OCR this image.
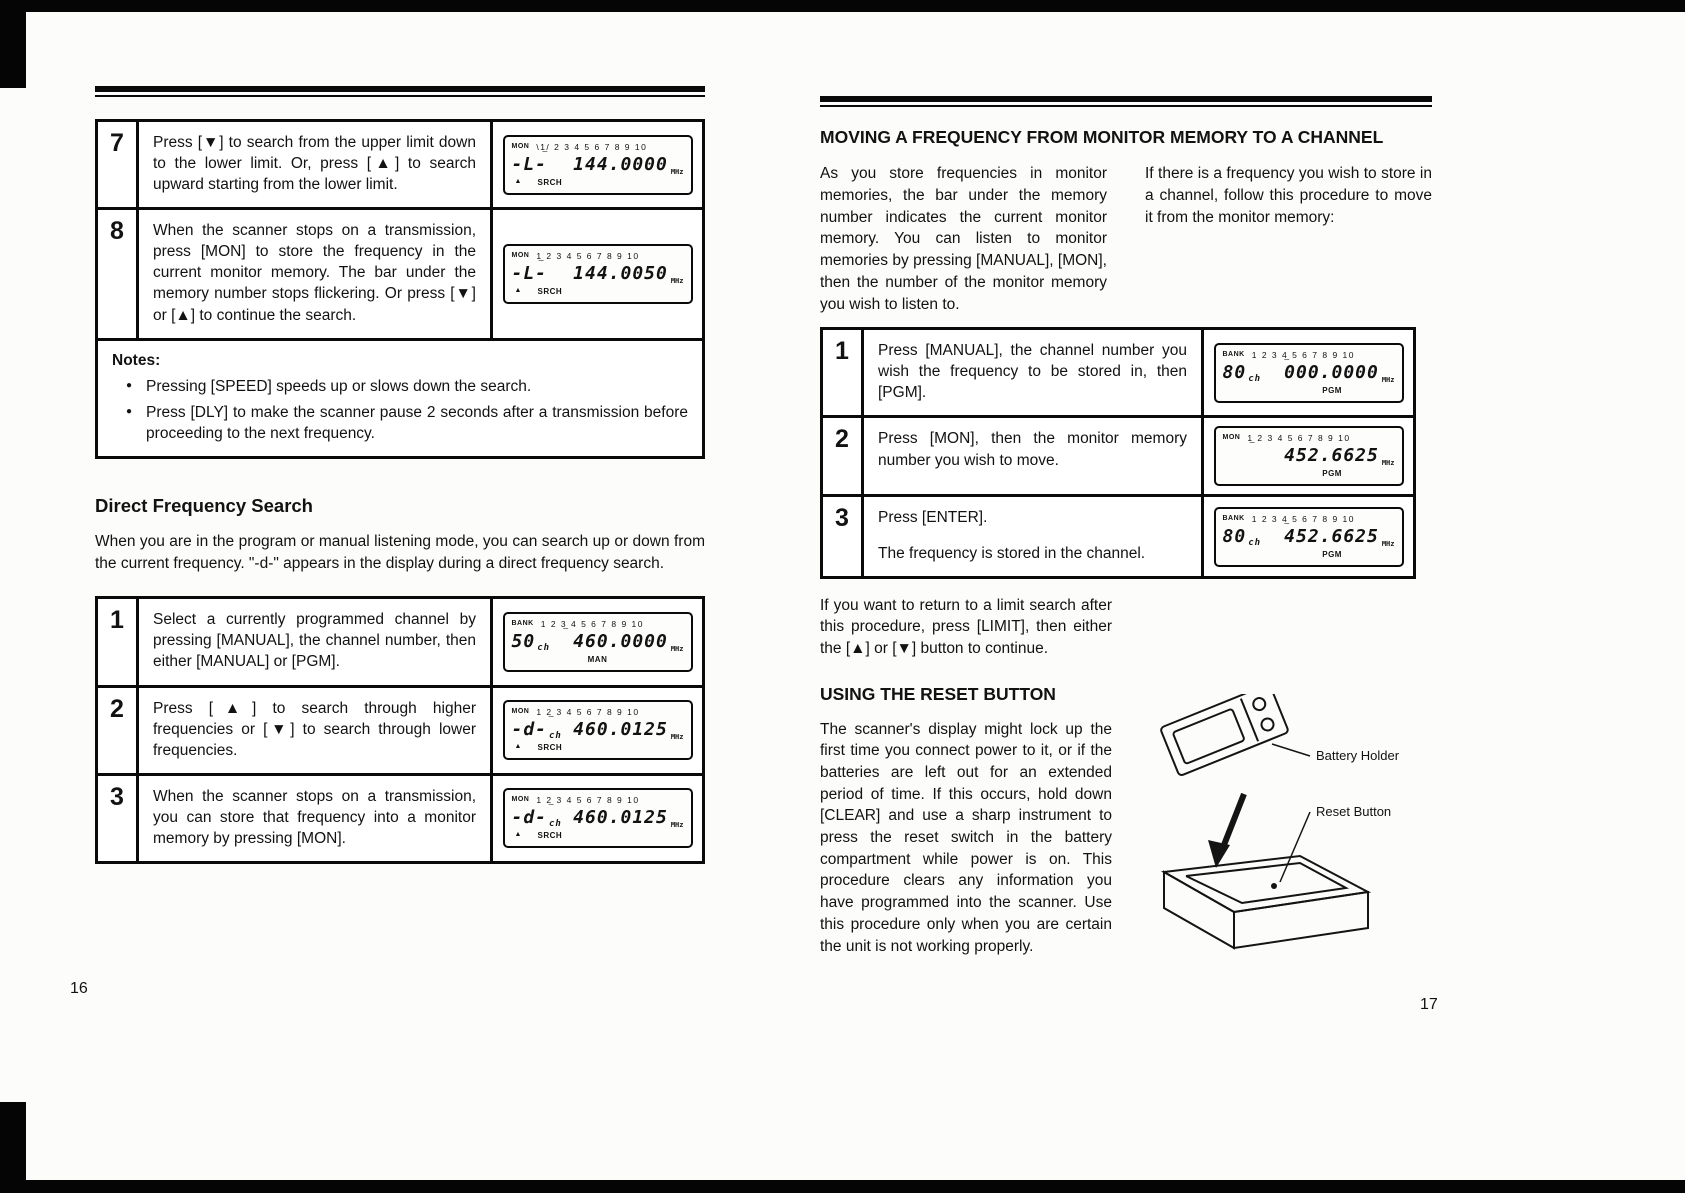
7	Press [▼] to search from the upper limit down to the lower limit. Or, press [▲] to search upward starting from the lower limit.
MON \1̲/ 2 3 4 5 6 7 8 9 10
-L- 144.0000 MHz
▲ SRCH
8	When the scanner stops on a transmission, press [MON] to store the frequency in the current monitor memory. The bar under the memory number stops flickering. Or press [▼] or [▲] to continue the search.
MON 1̲ 2 3 4 5 6 7 8 9 10
-L- 144.0050 MHz
▲ SRCH
Notes:
● Pressing [SPEED] speeds up or slows down the search.
● Press [DLY] to make the scanner pause 2 seconds after a transmission before proceeding to the next frequency.
Direct Frequency Search
When you are in the program or manual listening mode, you can search up or down from the current frequency. "-d-" appears in the display during a direct frequency search.
1	Select a currently programmed channel by pressing [MANUAL], the channel number, then either [MANUAL] or [PGM].
BANK 1 2 3̲ 4 5 6 7 8 9 10
50 ch 460.0000 MHz
MAN
2	Press [▲] to search through higher frequencies or [▼] to search through lower frequencies.
MON 1 2̲ 3 4 5 6 7 8 9 10
-d- ch 460.0125 MHz
▲ SRCH
3	When the scanner stops on a transmission, you can store that frequency into a monitor memory by pressing [MON].
MON 1 2̲ 3 4 5 6 7 8 9 10
-d- ch 460.0125 MHz
▲ SRCH
MOVING A FREQUENCY FROM MONITOR MEMORY TO A CHANNEL
As you store frequencies in monitor memories, the bar under the memory number indicates the current monitor memory. You can listen to monitor memories by pressing [MANUAL], [MON], then the number of the monitor memory you wish to listen to.
If there is a frequency you wish to store in a channel, follow this procedure to move it from the monitor memory:
1	Press [MANUAL], the channel number you wish the frequency to be stored in, then [PGM].
BANK 1 2 3 4̲ 5 6 7 8 9 10
80 ch 000.0000 MHz
PGM
2	Press [MON], then the monitor memory number you wish to move.
MON 1̲ 2 3 4 5 6 7 8 9 10
452.6625 MHz
PGM
3	Press [ENTER].
The frequency is stored in the channel.
BANK 1 2 3 4̲ 5 6 7 8 9 10
80 ch 452.6625 MHz
PGM
If you want to return to a limit search after this procedure, press [LIMIT], then either the [▲] or [▼] button to continue.
USING THE RESET BUTTON
The scanner's display might lock up the first time you connect power to it, or if the batteries are left out for an extended period of time. If this occurs, hold down [CLEAR] and use a sharp instrument to press the reset switch in the battery compartment while power is on. This procedure clears any information you have programmed into the scanner. Use this procedure only when you are certain the unit is not working properly.
Battery Holder
Reset Button
16
17
